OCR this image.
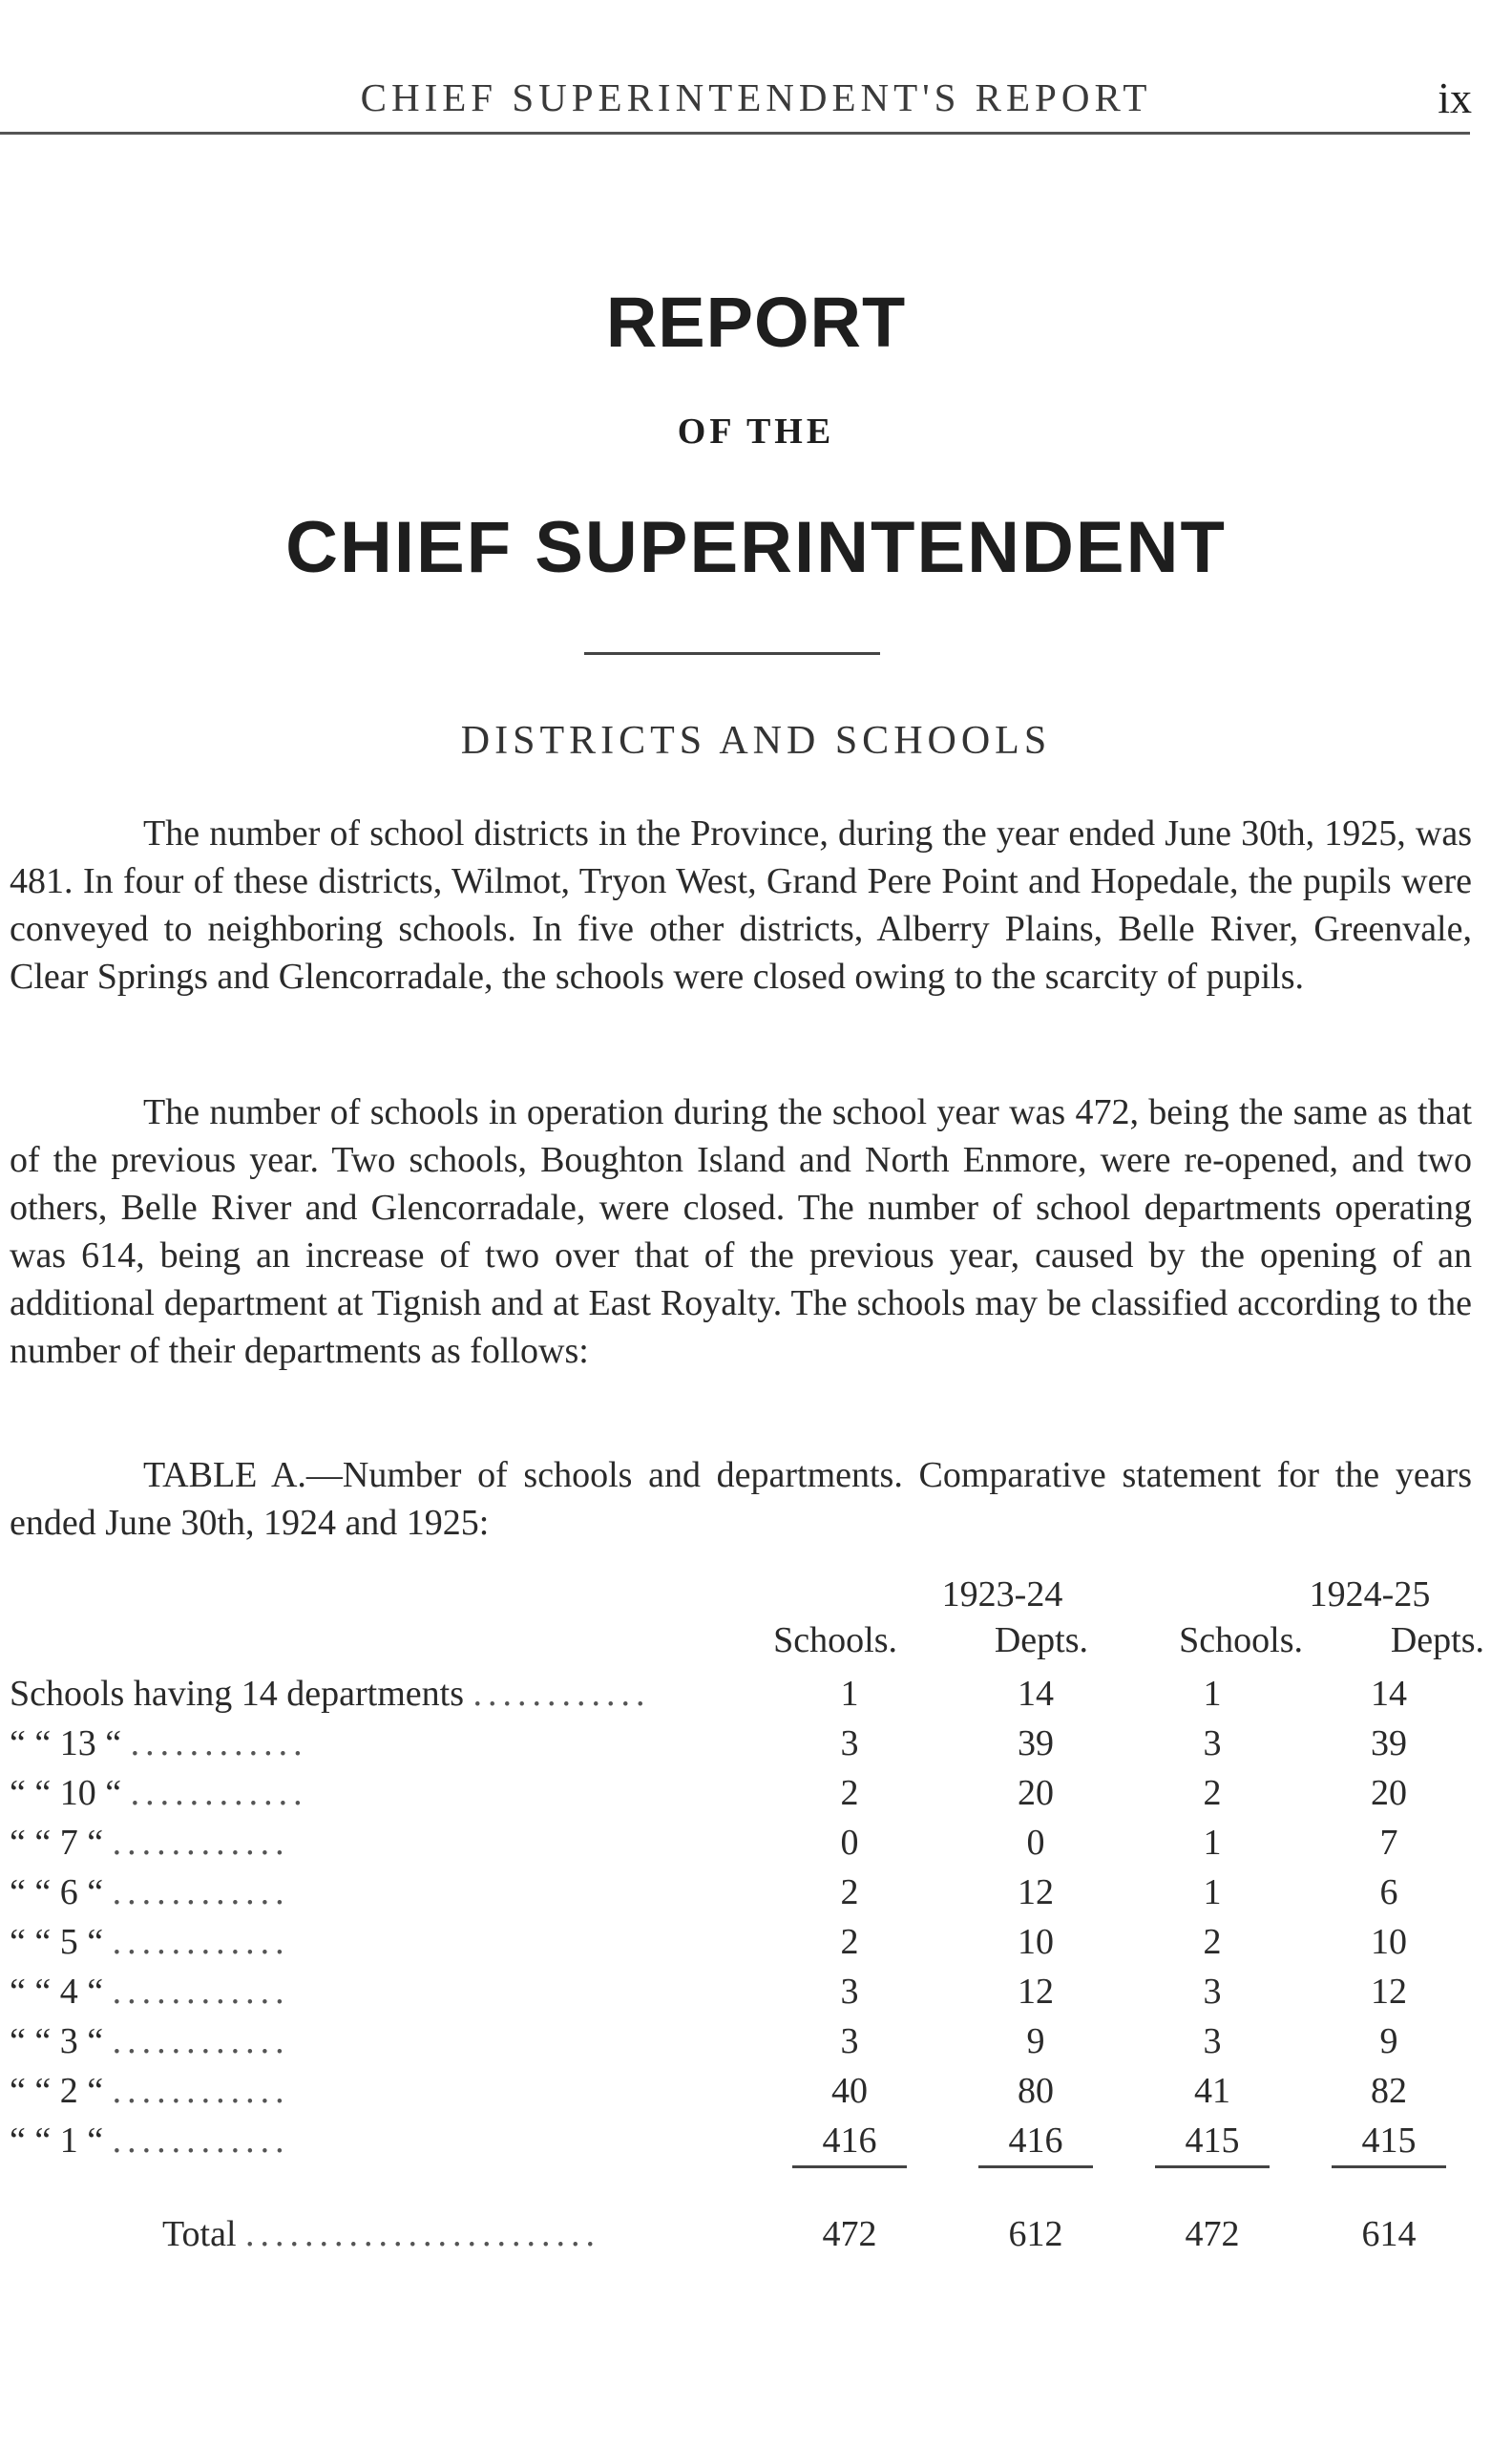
CHIEF SUPERINTENDENT'S REPORT	ix
REPORT
OF THE
CHIEF SUPERINTENDENT
DISTRICTS AND SCHOOLS

The number of school districts in the Province, during the year ended June 30th, 1925, was 481. In four of these districts, Wilmot, Tryon West, Grand Pere Point and Hopedale, the pupils were conveyed to neighboring schools. In five other districts, Alberry Plains, Belle River, Greenvale, Clear Springs and Glencorradale, the schools were closed owing to the scarcity of pupils.

The number of schools in operation during the school year was 472, being the same as that of the previous year. Two schools, Boughton Island and North Enmore, were re-opened, and two others, Belle River and Glencorradale, were closed. The number of school departments operating was 614, being an increase of two over that of the previous year, caused by the opening of an additional department at Tignish and at East Royalty. The schools may be classified according to the number of their departments as follows:

TABLE A.—Number of schools and departments. Comparative statement for the years ended June 30th, 1924 and 1925:

1923-24	1924-25
Schools.	Depts.	Schools.	Depts.
Schools having 14 departments ............	1	14	1	14
“ “ 13 “ ............	3	39	3	39
“ “ 10 “ ............	2	20	2	20
“ “ 7 “ ............	0	0	1	7
“ “ 6 “ ............	2	12	1	6
“ “ 5 “ ............	2	10	2	10
“ “ 4 “ ............	3	12	3	12
“ “ 3 “ ............	3	9	3	9
“ “ 2 “ ............	40	80	41	82
“ “ 1 “ ............	416	416	415	415
Total ........................	472	612	472	614
